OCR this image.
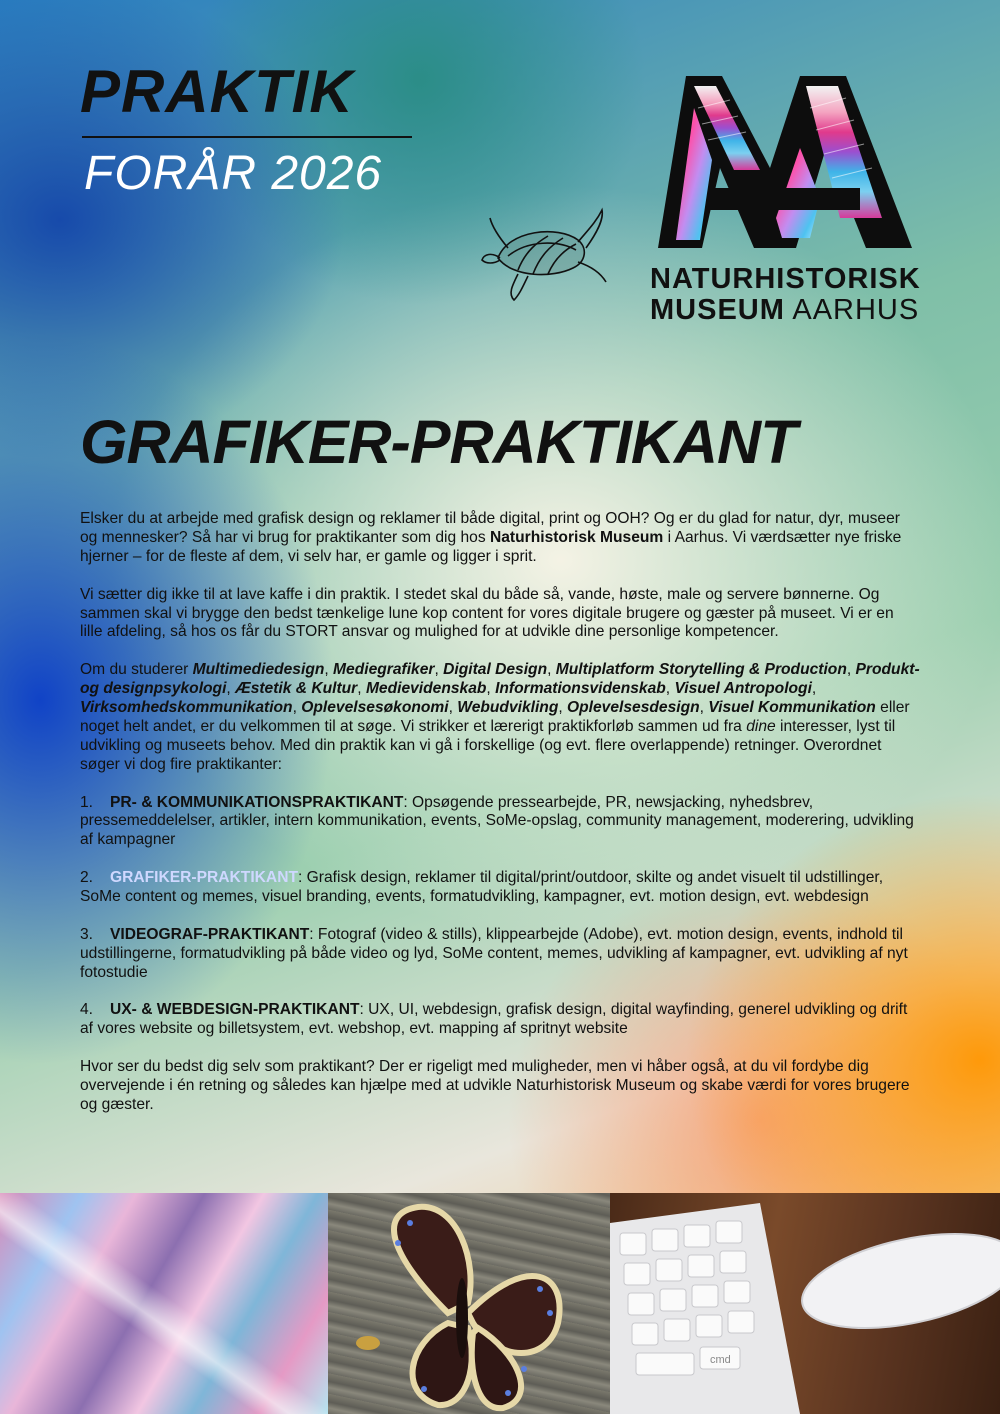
PRAKTIK
FORÅR 2026
NATURHISTORISK
MUSEUM AARHUS
GRAFIKER-PRAKTIKANT

Elsker du at arbejde med grafisk design og reklamer til både digital, print og OOH? Og er du glad for natur, dyr, museer og mennesker? Så har vi brug for praktikanter som dig hos Naturhistorisk Museum i Aarhus. Vi værdsætter nye friske hjerner – for de fleste af dem, vi selv har, er gamle og ligger i sprit.

Vi sætter dig ikke til at lave kaffe i din praktik. I stedet skal du både så, vande, høste, male og servere bønnerne. Og sammen skal vi brygge den bedst tænkelige lune kop content for vores digitale brugere og gæster på museet. Vi er en lille afdeling, så hos os får du STORT ansvar og mulighed for at udvikle dine personlige kompetencer.

Om du studerer Multimediedesign, Mediegrafiker, Digital Design, Multiplatform Storytelling & Production, Produkt- og designpsykologi, Æstetik & Kultur, Medievidenskab, Informationsvidenskab, Visuel Antropologi, Virksomhedskommunikation, Oplevelsesøkonomi, Webudvikling, Oplevelsesdesign, Visuel Kommunikation eller noget helt andet, er du velkommen til at søge. Vi strikker et lærerigt praktikforløb sammen ud fra dine interesser, lyst til udvikling og museets behov. Med din praktik kan vi gå i forskellige (og evt. flere overlappende) retninger. Overordnet søger vi dog fire praktikanter:

1. PR- & KOMMUNIKATIONSPRAKTIKANT: Opsøgende pressearbejde, PR, newsjacking, nyhedsbrev, pressemeddelelser, artikler, intern kommunikation, events, SoMe-opslag, community management, moderering, udvikling af kampagner

2. GRAFIKER-PRAKTIKANT: Grafisk design, reklamer til digital/print/outdoor, skilte og andet visuelt til udstillinger, SoMe content og memes, visuel branding, events, formatudvikling, kampagner, evt. motion design, evt. webdesign

3. VIDEOGRAF-PRAKTIKANT: Fotograf (video & stills), klippearbejde (Adobe), evt. motion design, events, indhold til udstillingerne, formatudvikling på både video og lyd, SoMe content, memes, udvikling af kampagner, evt. udvikling af nyt fotostudie

4. UX- & WEBDESIGN-PRAKTIKANT: UX, UI, webdesign, grafisk design, digital wayfinding, generel udvikling og drift af vores website og billetsystem, evt. webshop, evt. mapping af spritnyt website

Hvor ser du bedst dig selv som praktikant? Der er rigeligt med muligheder, men vi håber også, at du vil fordybe dig overvejende i én retning og således kan hjælpe med at udvikle Naturhistorisk Museum og skabe værdi for vores brugere og gæster.

cmd
